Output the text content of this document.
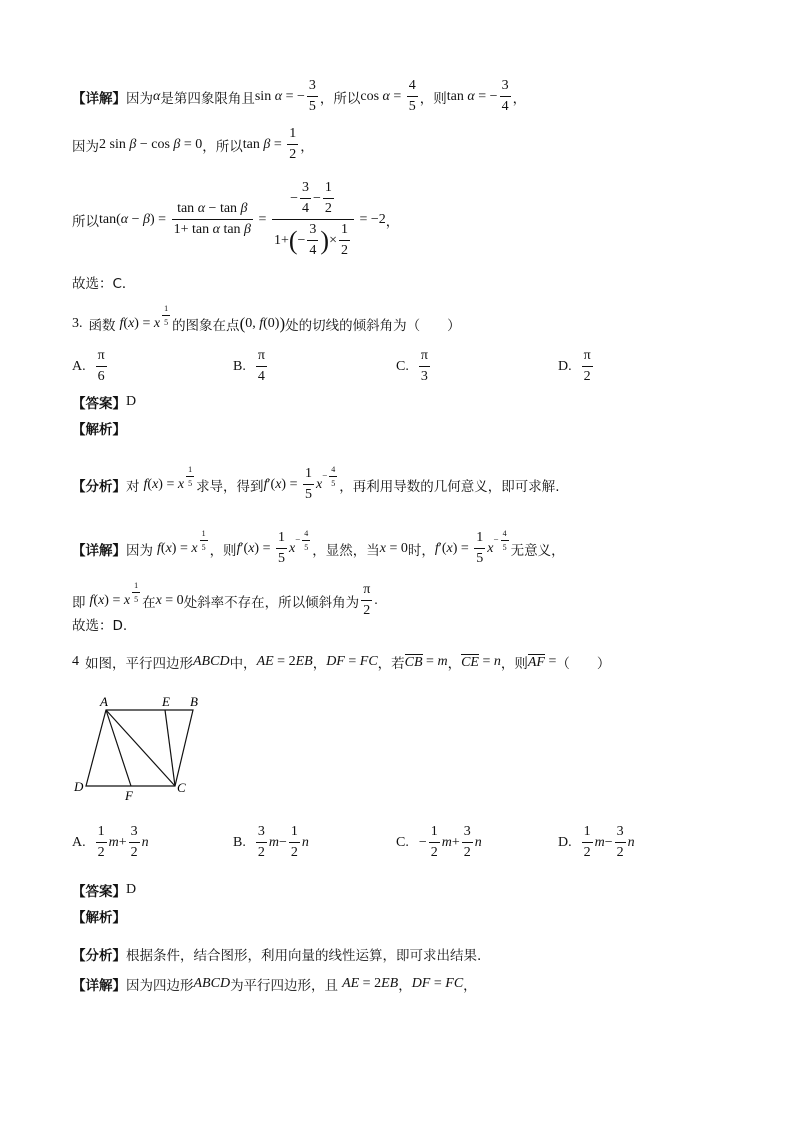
【详解】 因为 α 是第四象限角且 sin α = − $\frac{3}{5}$ ，所以 $\cos \alpha = \frac{4}{5}$ ，则 tan α = − $\frac{3}{4}$ ，
因为 2 sin β − cos β = 0 ，所以 $\tan \beta = \frac{1}{2}$ ，
所以 tan( α − β ) = $\frac{\text{tan α − tan β}}{\text{1+ tan α tan β}} = \frac{- \frac{3}{4} - \frac{1}{2}}{1+ ( - \frac{3}{4} ) \times \frac{1}{2}} = -2$ ，
故选：C．
3. 函数 f ( x ) = x $\frac{1}{5}$ 的图象在点 ( 0, f (0) ) 处的切线的倾斜角为（　　）
A. $\frac{\pi}{6}$	B. $\frac{\pi}{4}$	C. $\frac{\pi}{3}$	D. $\frac{\pi}{2}$
【答案】 D
【解析】
【分析】 对 f ( x ) = x $\frac{1}{5}$ 求导，得到 f ′( x ) = $\frac{1}{5}$ x
− $\frac{4}{5}$ ，再利用导数的几何意义，即可求解.
【详解】 因为 f ( x ) = x $\frac{1}{5}$ ，则 f ′( x ) = $\frac{1}{5}$ x
− $\frac{4}{5}$ ，显然，当 x = 0 时， f ′( x ) = $\frac{1}{5}$ x
− $\frac{4}{5}$ 无意义，
即 f ( x ) = x $\frac{1}{5}$ 在 x = 0 处斜率不存在，所以倾斜角为 $\frac{\pi}{2}$ .
故选：D.
4 如图，平行四边形 ABCD 中， AE = 2 EB ， DF = FC ，若 CB = m ， CE = n ，则 AF = （　　）
A	E B
D
F
C
A. $\frac{1}{2}$ $m + \frac{3}{2}$ n	B. $\frac{3}{2}$ $m - \frac{1}{2}$ n	C. − $\frac{1}{2}$ $m + \frac{3}{2}$ n	D. $\frac{1}{2}$ $m - \frac{3}{2}$ n
【答案】 D
【解析】
【分析】 根据条件，结合图形，利用向量的线性运算，即可求出结果.
【详解】 因为四边形 ABCD 为平行四边形，且 AE = 2 EB ， DF = FC ，
